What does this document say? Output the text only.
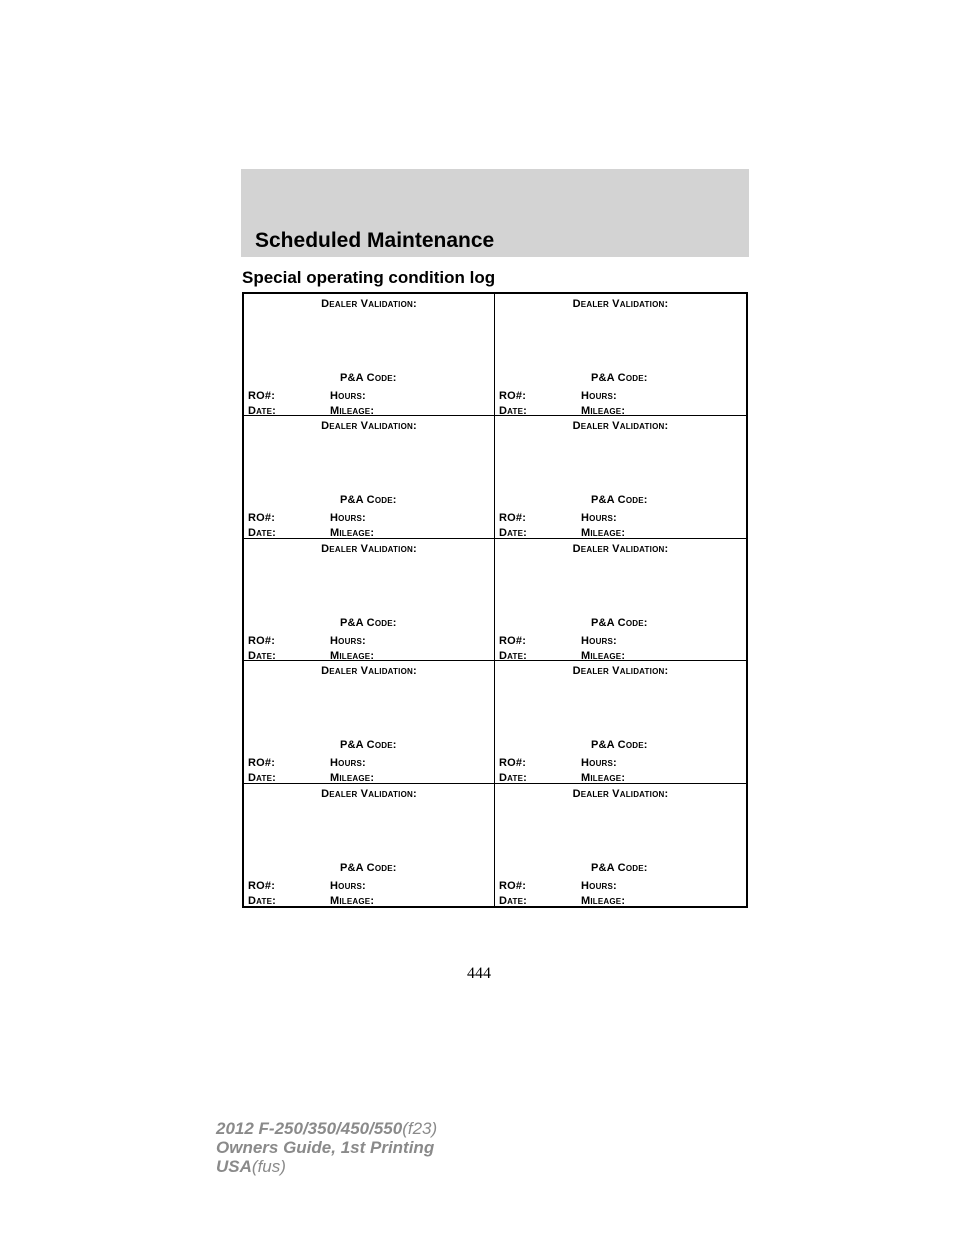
Scheduled Maintenance
Special operating condition log
Dealer Validation:
P&A Code:
RO#:	Hours:
Date:	Mileage:
Dealer Validation:
P&A Code:
RO#:	Hours:
Date:	Mileage:
Dealer Validation:
P&A Code:
RO#:	Hours:
Date:	Mileage:
Dealer Validation:
P&A Code:
RO#:	Hours:
Date:	Mileage:
Dealer Validation:
P&A Code:
RO#:	Hours:
Date:	Mileage:
Dealer Validation:
P&A Code:
RO#:	Hours:
Date:	Mileage:
Dealer Validation:
P&A Code:
RO#:	Hours:
Date:	Mileage:
Dealer Validation:
P&A Code:
RO#:	Hours:
Date:	Mileage:
Dealer Validation:
P&A Code:
RO#:	Hours:
Date:	Mileage:
Dealer Validation:
P&A Code:
RO#:	Hours:
Date:	Mileage:
444
2012 F-250/350/450/550(f23)
Owners Guide, 1st Printing
USA(fus)
